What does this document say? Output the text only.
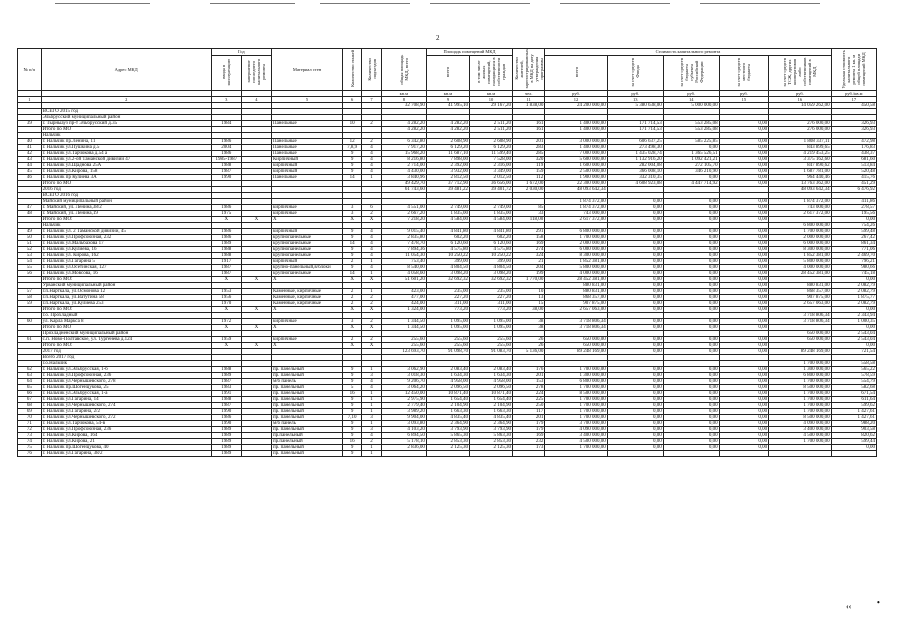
2
№ п/п	Адрес МКД	Год		Материал стен	Количество этажей	Количество подъездов	общая площадь МКД, всего	Площадь помещений МКД		Количество жителей, зарегистрированных в МКД на дату утверждения программы	Стоимость капитального ремонта					Удельная стоимость капитального ремонта 1 кв. м общей площади помещений МКД
		ввода в эксплуатацию	завершение последнего капитального ремонта					всего	в том числе жилых помещений, находящихся в собственности граждан		всего	за счет средств Фонда	за счет средств бюджета субъекта Российской Федерации	за счет средств местного бюджета	за счет средств ТСЖ, других кооперативов либо собственников помещений в МКД	
							кв.м	кв.м	кв.м	чел.	руб.	руб.	руб.	руб.	руб.	руб./кв.м
1	2	3	4	5	6	7	8	9	10	11	12	13	14	15	16	17
							32 708,90	41 995,10	29 167,20	1 838,00	24 200 000,00	5 380 638,00	5 000 000,00		14 059 262,00	450,58
	ВСЕГО 2015 год															
	Эльбрусский муниципальный район															
39	г. Тырныауз пр-т Эльбрусский д.35	1984		Панельные	10	2	4 282,20	4 282,20	2 511,20	161	1 400 000,00	171 714,53	553 285,08	0,00	276 000,00	326,93
	Итого по МО						4 282,20	4 282,20	2 511,20	161	1 400 000,00	171 714,53	553 285,08	0,00	276 000,00	326,93
	Нальчик															
40	г. Нальчик пр.Ленина, 11	1986		Панельные	12	2	6 342,80	2 608,90	2 608,90	201	3 000 000,00	606 637,25	585 225,85	0,00	1 808 337,11	472,98
41	г. Нальчик ул.Пушкина д.5	2004		Панельные	7,8,9	4	7 917,20	6 129,20	6 129,20	283	1 400 000,00	273 498,30	0,00	0,00	843 899,65	176,83
42	г. Нальчик ул.Тарчокова д.54 а	1986		Панельные	9	4	15 968,20	11 687,10	11 599,40	285	7 000 000,00	1 435 028,74	1 365 526,51	0,00	4 219 453,25	438,37
43	г. Нальчик ул.2-ой Таманской дивизии 47	1985-1987		Кирпичный	9	4	8 216,80	7 898,00	7 528,00	320	5 600 000,00	1 132 916,20	1 092 421,21	0,00	3 375 162,60	681,60
44	г. Нальчик ул.Щаднова 25А	1988		кирпичный	9	4	2 714,00	2 392,00	2 316,00	119	1 600 000,00	282 004,08	272 105,70	0,00	847 890,62	513,84
45	г. Нальчик ул.Кирова, 158	1987		кирпичный	9	4	4 430,00	3 932,00	3 349,00	159	2 500 000,00	366 008,10	346 210,90	0,00	1 687 781,00	520,48
46	г. Нальчик пр Кулиева 3А	1990		Панельные	14	1	3 840,96	2 812,50	2 012,50	112	1 900 000,00	332 310,35	0,00	0,00	964 440,46	415,76
	Итого по МО						49 429,70	37 712,90	36 656,00	1 672,00	22 300 000,00	4 608 923,08	4 447 714,92	0,00	13 763 362,00	451,29
	2016 год						61 743,60	39 481,22	39 401,72	2 030,00	48 093 642,34				48 093 642,34	6 476,92
	ВСЕГО 2016 год															
	Майский муниципальный район										1 874 372,00	0,00	0,00	0,00	1 874 372,00	411,86
47	г. Майский, ул. Ленина,38/2	1986		кирпичные	3	6	4 551,00	2 749,00	2 749,00	85	1 874 372,00	0,00	0,00	0,00	743 000,00	278,57
48	г. Майский, ул. Ленина,19	1975		кирпичные	3	2	2 667,20	1 835,00	1 835,00	33	743 000,00	0,00	0,00	0,00	2 617 372,00	195,56
	Итого по МО:	X	X	X	X	X	7 218,20	4 584,00	4 584,00	118,00	2 617 372,00	0,00	0,00	0,00		0,00
	Нальчик														6 800 000,00	754,26
49	г. Нальчик ул. 2 Таманской дивизии, 45	1986		кирпичный	9	4	9 015,40	4 841,80	4 841,80	291	6 800 000,00	0,00	0,00	0,00	1 700 000,00	599,48
50	г. Нальчик ул.Профсоюзная, 232	1986		крупнопанельные	9	4	2 835,80	602,20	602,20	158	1 700 000,00	0,00	0,00	0,00	2 000 000,00	267,42
51	г. Нальчик ул.Мальбахова 17	1989		крупнопанельные	14	4	7 478,70	6 120,60	6 120,60	169	2 000 000,00	0,00	0,00	0,00	6 000 000,00	861,34
52	г. Нальчик ул.Кулиева, 16	1988		крупнопанельные	9	4	7 894,36	4 575,80	4 575,80	274	6 000 000,00	0,00	0,00	0,00	8 300 000,00	771,06
53	г. Нальчик ул. Кирова, 162	1988		крупнопанельные	9	4	11 054,30	10 250,22	10 250,22	324	8 300 000,00	0,00	0,00	0,00	1 852 381,00	2 469,70
54	г. Нальчик ул.Гагарина 5	1917		кирпичный	2	1	753,40	399,00	399,00	21	1 852 381,00	0,00	0,00	0,00	5 800 000,00	796,21
55	г. Нальчик ул.Осетинская, 127	1987		крупно-панельный,в/блоки	9	4	8 540,00	4 804,50	4 804,50	204	5 800 000,00	0,00	0,00	0,00	4 000 000,00	980,66
56	г. Нальчик ул.Мовсова, 16	1987		крупнопанельные	14	1	4 058,60	3 098,20	3 098,20	199	4 000 000,00	0,00	0,00	0,00	28 452 381,00	745,18
	Итого по МО:	X	X	X	X	X	51 601,20	32 692,32	32 692,32	1 770,00	28 452 381,00	0,00	0,00	0,00		0,00
	Урванский муниципальный район										880 831,00	0,00	0,00	0,00	880 831,00	2 082,79
57	г.п.Нарткала, ул.Осмонова 12	1953		Каменные, кирпичные	2	1	423,00	235,00	235,00	10	880 831,00	0,00	0,00	0,00	868 357,00	2 082,79
58	г.п.Нарткала, ул.Ватутина 58	1956		Каменные, кирпичные	2	2	477,00	227,20	227,20	13	868 357,00	0,00	0,00	0,00	907 875,00	1 875,77
59	г.п.Нарткала, ул.Кулиева 253	1970		Каменные, кирпичные	2	2	424,00	311,00	311,00	15	907 875,00	0,00	0,00	0,00	2 657 063,00	2 082,79
	Итого по МО:	X	X	X	X	X	1 324,00	773,20	773,20	38,00	2 657 063,00	0,00	0,00	0,00		0,00
	г.о. Прохладный														3 718 806,34	2 343,94
60	ул. Карла Маркса 8	1972		кирпичные	3	2	1 344,50	1 095,00	1 095,00	38	3 718 806,34	0,00	0,00	0,00	3 718 806,34	1 000,35
	Итого по МО	X	X	X	X	X	1 344,50	1 095,00	1 095,00	38	3 718 806,34	0,00	0,00	0,00		0,00
	Прохладненский муниципальный район														650 000,00	2 543,04
61	с.п. Ново-Полтавское, ул. Тургенева д.124	1959		кирпичные	2	2	255,60	255,60	255,60	26	650 000,00	0,00	0,00	0,00	650 000,00	2 543,04
	Итого по МО:	X	X	X	X	X	255,60	255,60	255,60	26	650 000,00	0,00	0,00	0,00		0,00
	2017 год						123 693,70	91 098,70	91 083,70	5 136,00	89 248 169,00	0,00	0,00	0,00	89 248 169,00	721,54
	Всего 2017 год															
	г.о.Нальчик														1 700 000,00	558,58
62	г. Нальчик ул.Эльбрусская, 1-б	1988		пр. панельный	9	1	3 062,90	2 083,40	2 083,40	176	1 700 000,00	0,00	0,00	0,00	1 300 000,00	565,22
63	г. Нальчик ул.Профсоюзная, 236	1989		пр. панельный	9	3	3 018,30	1 634,30	1 634,30	201	1 300 000,00	0,00	0,00	0,00	6 800 000,00	578,59
64	г. Нальчик ул.Чернышевского, 278	1987		м/б панель	9	4	9 206,70	4 958,00	4 958,00	153	6 800 000,00	0,00	0,00	0,00	1 700 000,00	554,79
65	г. Нальчик пр.Шогенцукова, 25	1983		пр. панельный	5	4	3 064,20	2 096,50	2 096,50	278	1 700 000,00	0,00	0,00	0,00	8 500 000,00	582,68
66	г. Нальчик ул.Эльбрусская, 1-а	1991		пр. панельный	16	1	12 450,00	10 871,40	10 871,40	224	8 500 000,00	0,00	0,00	0,00	1 700 000,00	671,54
67	г. Нальчик ул.Гагарина, 14	1988		пр. панельный	9	1	2 975,90	1 654,40	1 654,40	225	1 700 000,00	0,00	0,00	0,00	1 700 000,00	611,64
68	г. Нальчик ул.Чернышевского, 274	1987		пр. панельный	9	1	2 779,40	2 104,90	2 104,90	250	1 700 000,00	0,00	0,00	0,00	1 700 000,00	599,62
69	г. Нальчик ул.Гагарина, 2/2	1990		пр. панельный	9	1	3 989,20	1 663,30	1 663,30	117	1 700 000,00	0,00	0,00	0,00	1 700 000,00	1 427,61
70	г. Нальчик ул.Чернышевского, 272	1986		пр. панельный	7,10	3	9 904,00	4 835,40	4 835,40	201	1 700 000,00	0,00	0,00	0,00	8 500 000,00	1 427,61
71	г. Нальчик ул.Тарчокова, 54-в	1990		м/б панель	9	1	3 093,80	2 364,90	2 364,90	179	3 700 000,00	0,00	0,00	0,00	4 090 000,00	988,20
72	г. Нальчик ул.Профсоюзная, 236	1989		пр. панельный	9	3	4 103,20	3 793,90	3 793,90	179	4 090 000,00	0,00	0,00	0,00	3 400 000,00	903,58
73	г. Нальчик ул.Кирова, 164	1989		пр.панельный	9	4	6 894,50	5 865,30	5 863,30	169	3 400 000,00	0,00	0,00	0,00	4 500 000,00	820,62
74	г. Нальчик ул.Кирова, 21	1989		пр.панельный	16	2	5 178,10	2 853,30	2 853,30	232	4 500 000,00	0,00	0,00	0,00	1 700 000,00	599,44
75	г. Нальчик пр.Шогенцукова, 40	1989		пр. панельный	9	1	2 836,00	2 125,30	2 125,30	173	1 700 000,00	0,00	0,00	0,00		0,00
76	г. Нальчик ул.Гагарина, 38/2	1989		пр. панельный	9	1										
‹‹	•
